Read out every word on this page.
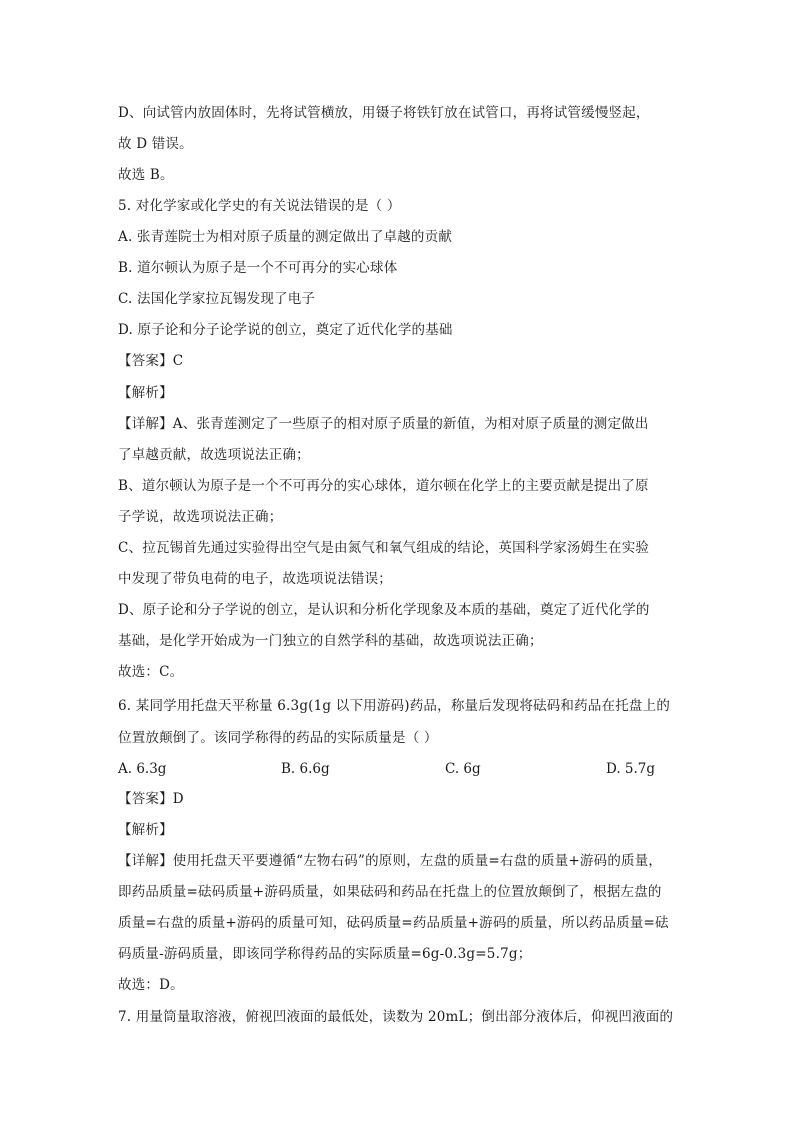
D、向试管内放固体时，先将试管横放，用镊子将铁钉放在试管口，再将试管缓慢竖起，
故 D 错误。
故选 B。
5. 对化学家或化学史的有关说法错误的是（ ）
A. 张青莲院士为相对原子质量的测定做出了卓越的贡献
B. 道尔顿认为原子是一个不可再分的实心球体
C. 法国化学家拉瓦锡发现了电子
D. 原子论和分子论学说的创立，奠定了近代化学的基础
【答案】C
【解析】
【详解】A、张青莲测定了一些原子的相对原子质量的新值，为相对原子质量的测定做出
了卓越贡献，故选项说法正确；
B、道尔顿认为原子是一个不可再分的实心球体，道尔顿在化学上的主要贡献是提出了原
子学说，故选项说法正确；
C、拉瓦锡首先通过实验得出空气是由氮气和氧气组成的结论，英国科学家汤姆生在实验
中发现了带负电荷的电子，故选项说法错误；
D、原子论和分子学说的创立，是认识和分析化学现象及本质的基础，奠定了近代化学的
基础，是化学开始成为一门独立的自然学科的基础，故选项说法正确；
故选：C。
6. 某同学用托盘天平称量 6.3g(1g 以下用游码)药品，称量后发现将砝码和药品在托盘上的
位置放颠倒了。该同学称得的药品的实际质量是（ ）
A. 6.3g	B. 6.6g	C. 6g	D. 5.7g
【答案】D
【解析】
【详解】使用托盘天平要遵循“左物右码”的原则，左盘的质量=右盘的质量+游码的质量，
即药品质量=砝码质量+游码质量，如果砝码和药品在托盘上的位置放颠倒了，根据左盘的
质量=右盘的质量+游码的质量可知，砝码质量=药品质量+游码的质量，所以药品质量=砝
码质量-游码质量，即该同学称得药品的实际质量=6g-0.3g=5.7g；
故选：D。
7. 用量筒量取溶液，俯视凹液面的最低处，读数为 20mL；倒出部分液体后，仰视凹液面的
